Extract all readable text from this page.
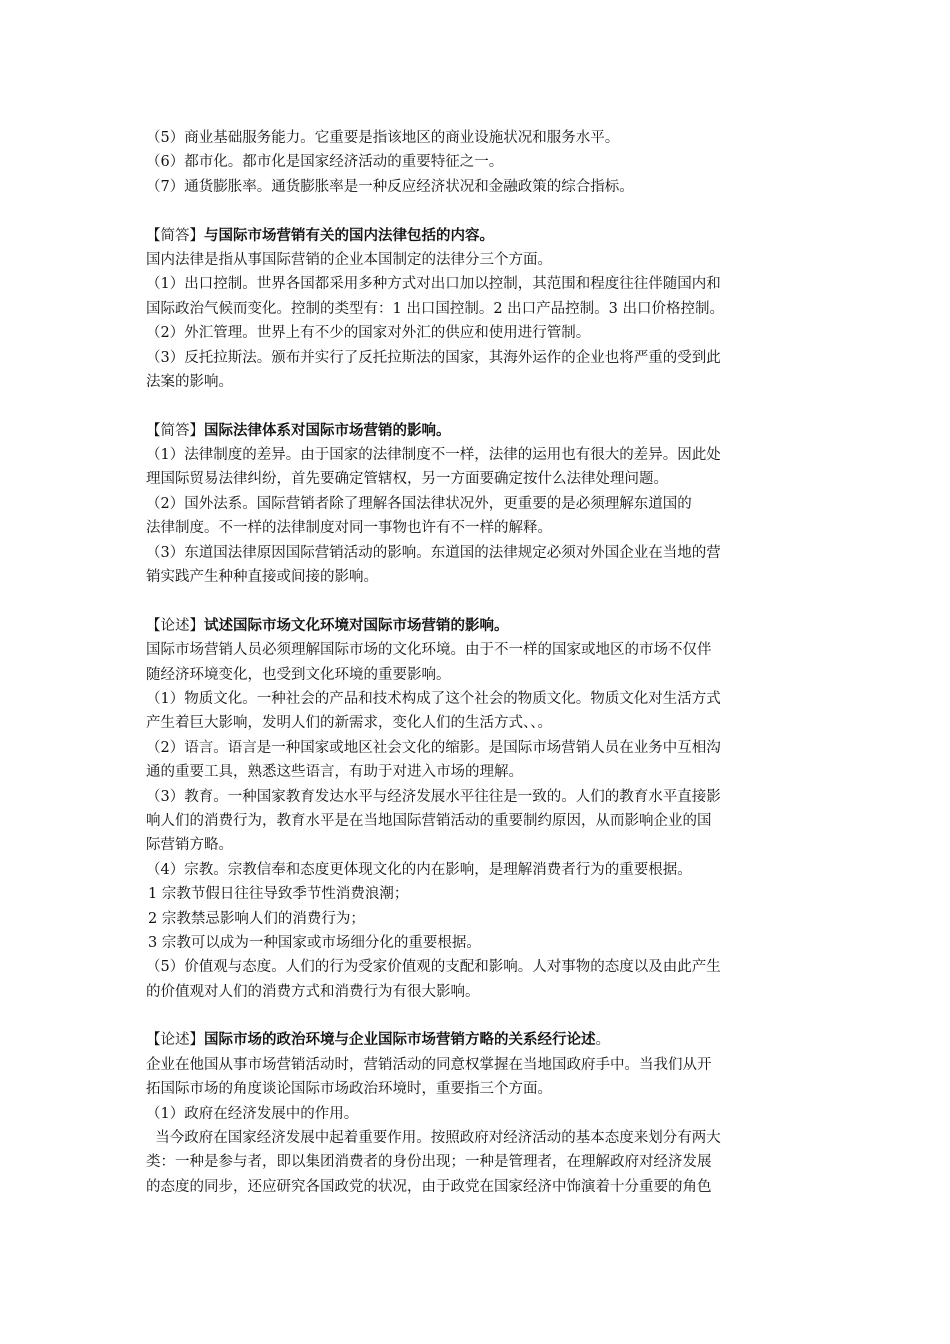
（5）商业基础服务能力。它重要是指该地区的商业设施状况和服务水平。
（6）都市化。都市化是国家经济活动的重要特征之一。
（7）通货膨胀率。通货膨胀率是一种反应经济状况和金融政策的综合指标。
【简答】与国际市场营销有关的国内法律包括的内容。
国内法律是指从事国际营销的企业本国制定的法律分三个方面。
（1）出口控制。世界各国都采用多种方式对出口加以控制，其范围和程度往往伴随国内和
国际政治气候而变化。控制的类型有：1 出口国控制。2 出口产品控制。3 出口价格控制。
（2）外汇管理。世界上有不少的国家对外汇的供应和使用进行管制。
（3）反托拉斯法。颁布并实行了反托拉斯法的国家，其海外运作的企业也将严重的受到此
法案的影响。
【简答】国际法律体系对国际市场营销的影响。
（1）法律制度的差异。由于国家的法律制度不一样，法律的运用也有很大的差异。因此处
理国际贸易法律纠纷，首先要确定管辖权，另一方面要确定按什么法律处理问题。
（2）国外法系。国际营销者除了理解各国法律状况外，更重要的是必须理解东道国的
法律制度。不一样的法律制度对同一事物也许有不一样的解释。
（3）东道国法律原因国际营销活动的影响。东道国的法律规定必须对外国企业在当地的营
销实践产生种种直接或间接的影响。
【论述】试述国际市场文化环境对国际市场营销的影响。
国际市场营销人员必须理解国际市场的文化环境。由于不一样的国家或地区的市场不仅伴
随经济环境变化，也受到文化环境的重要影响。
（1）物质文化。一种社会的产品和技术构成了这个社会的物质文化。物质文化对生活方式
产生着巨大影响，发明人们的新需求，变化人们的生活方式、、。
（2）语言。语言是一种国家或地区社会文化的缩影。是国际市场营销人员在业务中互相沟
通的重要工具，熟悉这些语言，有助于对进入市场的理解。
（3）教育。一种国家教育发达水平与经济发展水平往往是一致的。人们的教育水平直接影
响人们的消费行为，教育水平是在当地国际营销活动的重要制约原因，从而影响企业的国
际营销方略。
（4）宗教。宗教信奉和态度更体现文化的内在影响，是理解消费者行为的重要根据。
1 宗教节假日往往导致季节性消费浪潮；
2 宗教禁忌影响人们的消费行为；
3 宗教可以成为一种国家或市场细分化的重要根据。
（5）价值观与态度。人们的行为受家价值观的支配和影响。人对事物的态度以及由此产生
的价值观对人们的消费方式和消费行为有很大影响。
【论述】国际市场的政治环境与企业国际市场营销方略的关系经行论述。
企业在他国从事市场营销活动时，营销活动的同意权掌握在当地国政府手中。当我们从开
拓国际市场的角度谈论国际市场政治环境时，重要指三个方面。
（1）政府在经济发展中的作用。
当今政府在国家经济发展中起着重要作用。按照政府对经济活动的基本态度来划分有两大
类：一种是参与者，即以集团消费者的身份出现；一种是管理者，在理解政府对经济发展
的态度的同步，还应研究各国政党的状况，由于政党在国家经济中饰演着十分重要的角色
